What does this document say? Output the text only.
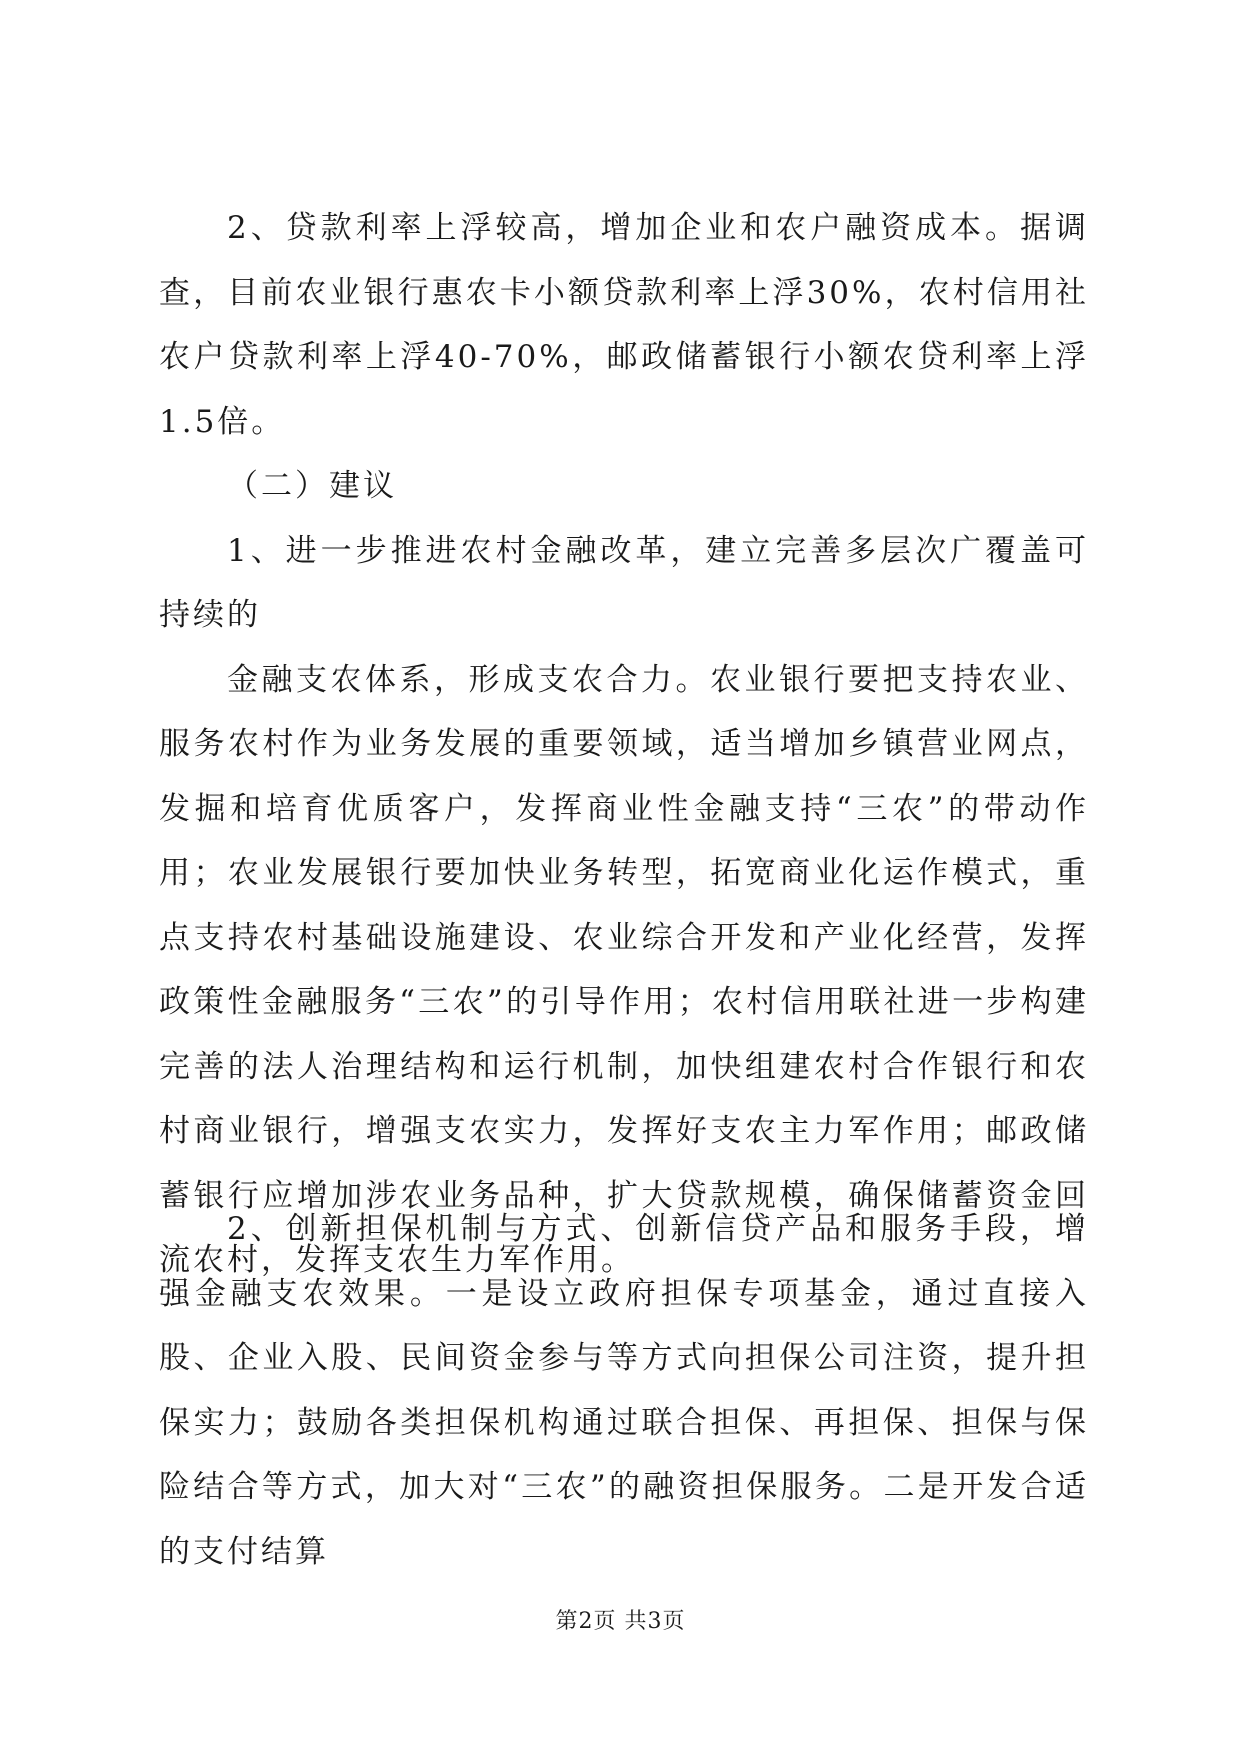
2、贷款利率上浮较高，增加企业和农户融资成本。据调查，目前农业银行惠农卡小额贷款利率上浮30%，农村信用社农户贷款利率上浮40-70%，邮政储蓄银行小额农贷利率上浮1.5倍。

（二）建议

1、进一步推进农村金融改革，建立完善多层次广覆盖可持续的

金融支农体系，形成支农合力。农业银行要把支持农业、服务农村作为业务发展的重要领域，适当增加乡镇营业网点，发掘和培育优质客户，发挥商业性金融支持“三农”的带动作用；农业发展银行要加快业务转型，拓宽商业化运作模式，重点支持农村基础设施建设、农业综合开发和产业化经营，发挥政策性金融服务“三农”的引导作用；农村信用联社进一步构建完善的法人治理结构和运行机制，加快组建农村合作银行和农村商业银行，增强支农实力，发挥好支农主力军作用；邮政储蓄银行应增加涉农业务品种，扩大贷款规模，确保储蓄资金回流农村，发挥支农生力军作用。

2、创新担保机制与方式、创新信贷产品和服务手段，增强金融支农效果。一是设立政府担保专项基金，通过直接入股、企业入股、民间资金参与等方式向担保公司注资，提升担保实力；鼓励各类担保机构通过联合担保、再担保、担保与保险结合等方式，加大对“三农”的融资担保服务。二是开发合适的支付结算

第2页 共3页
